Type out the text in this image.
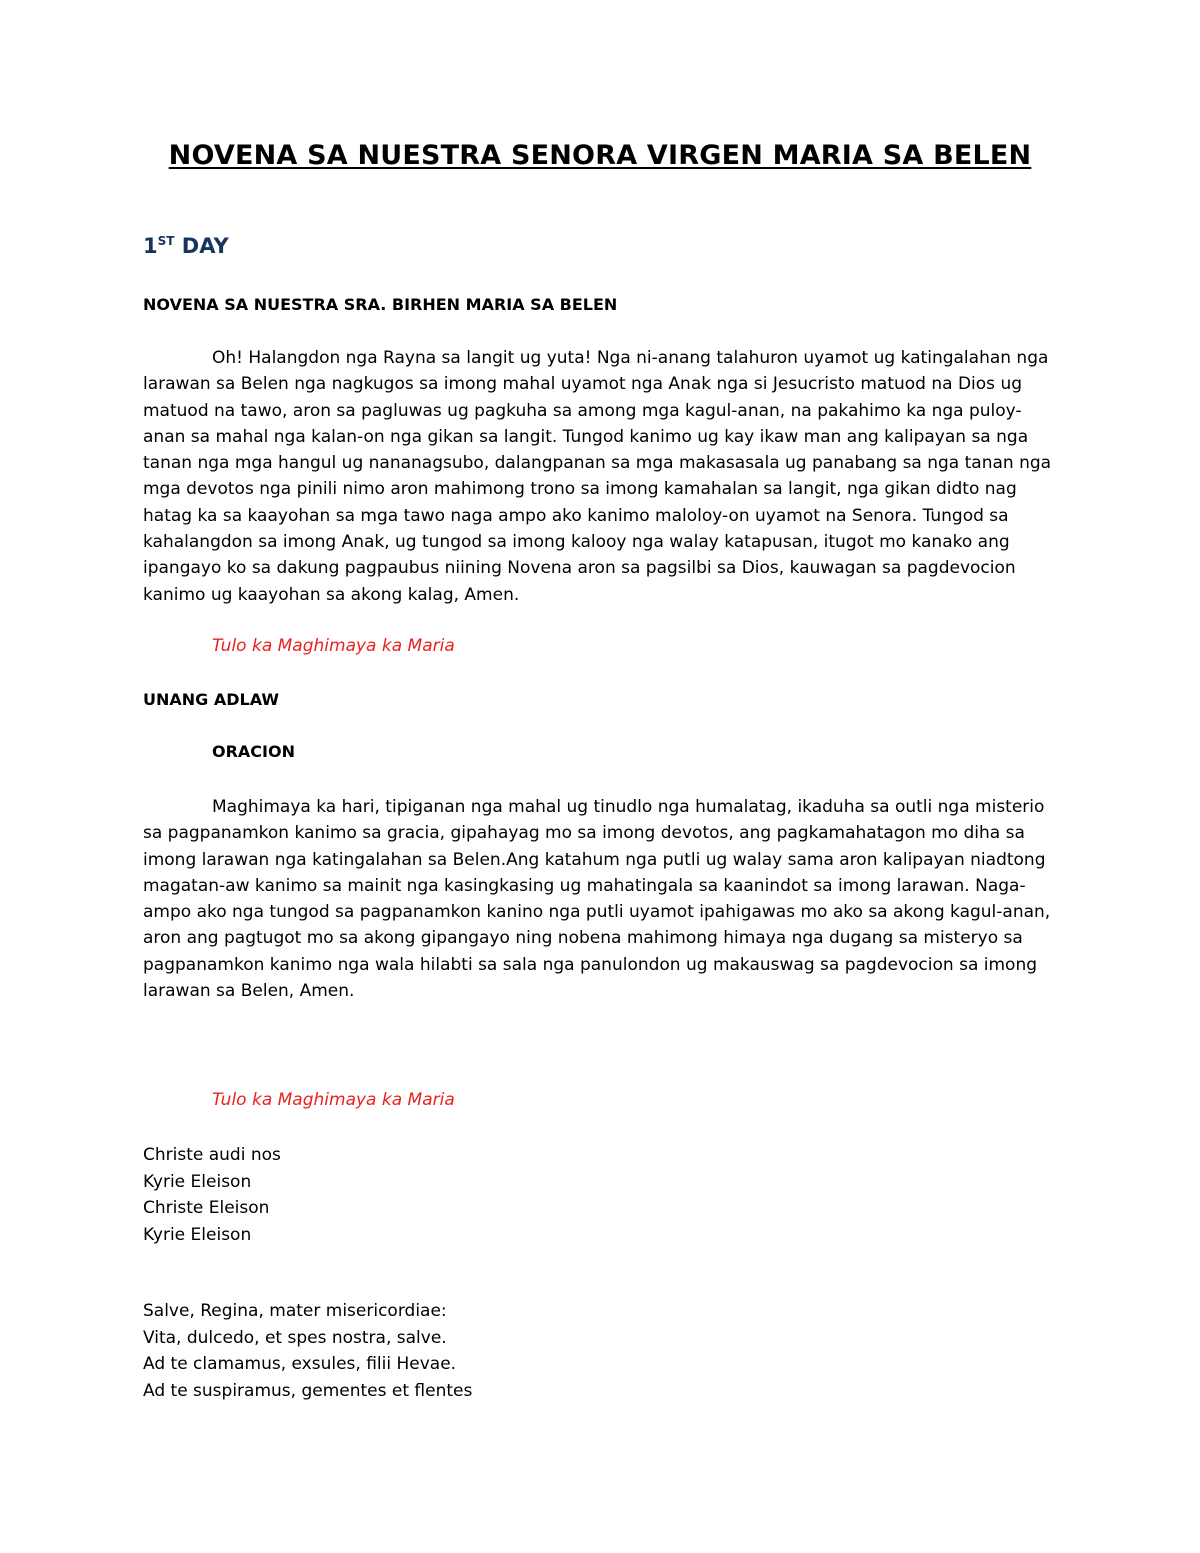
NOVENA SA NUESTRA SENORA VIRGEN MARIA SA BELEN
1ST DAY
NOVENA SA NUESTRA SRA. BIRHEN MARIA SA BELEN
Oh! Halangdon nga Rayna sa langit ug yuta! Nga ni-anang talahuron uyamot ug katingalahan nga
larawan sa Belen nga nagkugos sa imong mahal uyamot nga Anak nga si Jesucristo matuod na Dios ug
matuod na tawo, aron sa pagluwas ug pagkuha sa among mga kagul-anan, na pakahimo ka nga puloy-
anan sa mahal nga kalan-on nga gikan sa langit. Tungod kanimo ug kay ikaw man ang kalipayan sa nga
tanan nga mga hangul ug nananagsubo, dalangpanan sa mga makasasala ug panabang sa nga tanan nga
mga devotos nga pinili nimo aron mahimong trono sa imong kamahalan sa langit, nga gikan didto nag
hatag ka sa kaayohan sa mga tawo naga ampo ako kanimo maloloy-on uyamot na Senora. Tungod sa
kahalangdon sa imong Anak, ug tungod sa imong kalooy nga walay katapusan, itugot mo kanako ang
ipangayo ko sa dakung pagpaubus niining Novena aron sa pagsilbi sa Dios, kauwagan sa pagdevocion
kanimo ug kaayohan sa akong kalag, Amen.
Tulo ka Maghimaya ka Maria
UNANG ADLAW
ORACION
Maghimaya ka hari, tipiganan nga mahal ug tinudlo nga humalatag, ikaduha sa outli nga misterio
sa pagpanamkon kanimo sa gracia, gipahayag mo sa imong devotos, ang pagkamahatagon mo diha sa
imong larawan nga katingalahan sa Belen.Ang katahum nga putli ug walay sama aron kalipayan niadtong
magatan-aw kanimo sa mainit nga kasingkasing ug mahatingala sa kaanindot sa imong larawan. Naga-
ampo ako nga tungod sa pagpanamkon kanino nga putli uyamot ipahigawas mo ako sa akong kagul-anan,
aron ang pagtugot mo sa akong gipangayo ning nobena mahimong himaya nga dugang sa misteryo sa
pagpanamkon kanimo nga wala hilabti sa sala nga panulondon ug makauswag sa pagdevocion sa imong
larawan sa Belen, Amen.
Tulo ka Maghimaya ka Maria
Christe audi nos
Kyrie Eleison
Christe Eleison
Kyrie Eleison
Salve, Regina, mater misericordiae:
Vita, dulcedo, et spes nostra, salve.
Ad te clamamus, exsules, filii Hevae.
Ad te suspiramus, gementes et flentes
